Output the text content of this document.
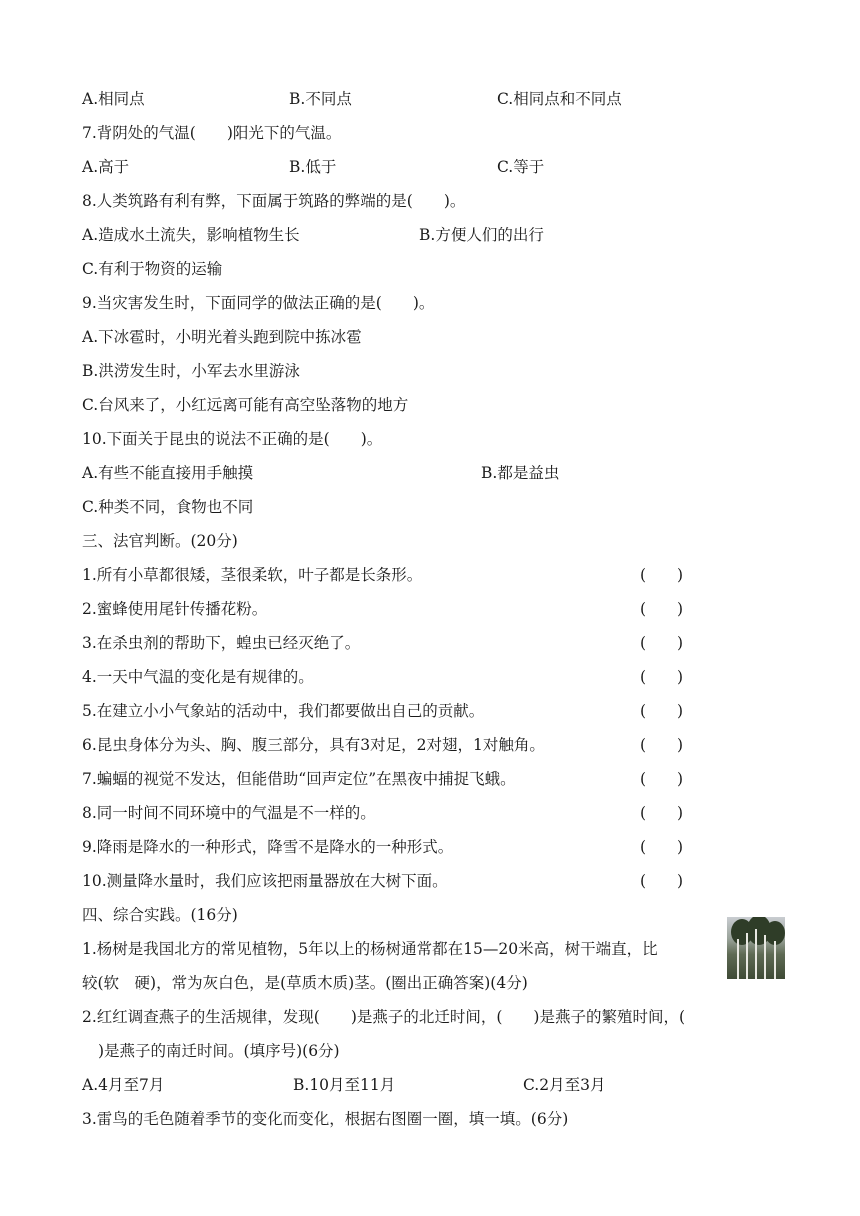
A.相同点	B.不同点	C.相同点和不同点
7.背阴处的气温(　　)阳光下的气温。
A.高于	B.低于	C.等于
8.人类筑路有利有弊，下面属于筑路的弊端的是(　　)。
A.造成水土流失，影响植物生长	B.方便人们的出行
C.有利于物资的运输
9.当灾害发生时，下面同学的做法正确的是(　　)。
A.下冰雹时，小明光着头跑到院中拣冰雹
B.洪涝发生时，小军去水里游泳
C.台风来了，小红远离可能有高空坠落物的地方
10.下面关于昆虫的说法不正确的是(　　)。
A.有些不能直接用手触摸	B.都是益虫
C.种类不同，食物也不同
三、法官判断。(20分)
1.所有小草都很矮，茎很柔软，叶子都是长条形。	(　　)
2.蜜蜂使用尾针传播花粉。	(　　)
3.在杀虫剂的帮助下，蝗虫已经灭绝了。	(　　)
4.一天中气温的变化是有规律的。	(　　)
5.在建立小小气象站的活动中，我们都要做出自己的贡献。	(　　)
6.昆虫身体分为头、胸、腹三部分，具有3对足，2对翅，1对触角。	(　　)
7.蝙蝠的视觉不发达，但能借助“回声定位”在黑夜中捕捉飞蛾。	(　　)
8.同一时间不同环境中的气温是不一样的。	(　　)
9.降雨是降水的一种形式，降雪不是降水的一种形式。	(　　)
10.测量降水量时，我们应该把雨量器放在大树下面。	(　　)
四、综合实践。(16分)
1.杨树是我国北方的常见植物，5年以上的杨树通常都在15—20米高，树干端直，比
较(软　硬)，常为灰白色，是(草质木质)茎。(圈出正确答案)(4分)
2.红红调查燕子的生活规律，发现(　　)是燕子的北迁时间，(　　)是燕子的繁殖时间，(
)是燕子的南迁时间。(填序号)(6分)
A.4月至7月	B.10月至11月	C.2月至3月
3.雷鸟的毛色随着季节的变化而变化，根据右图圈一圈，填一填。(6分)
